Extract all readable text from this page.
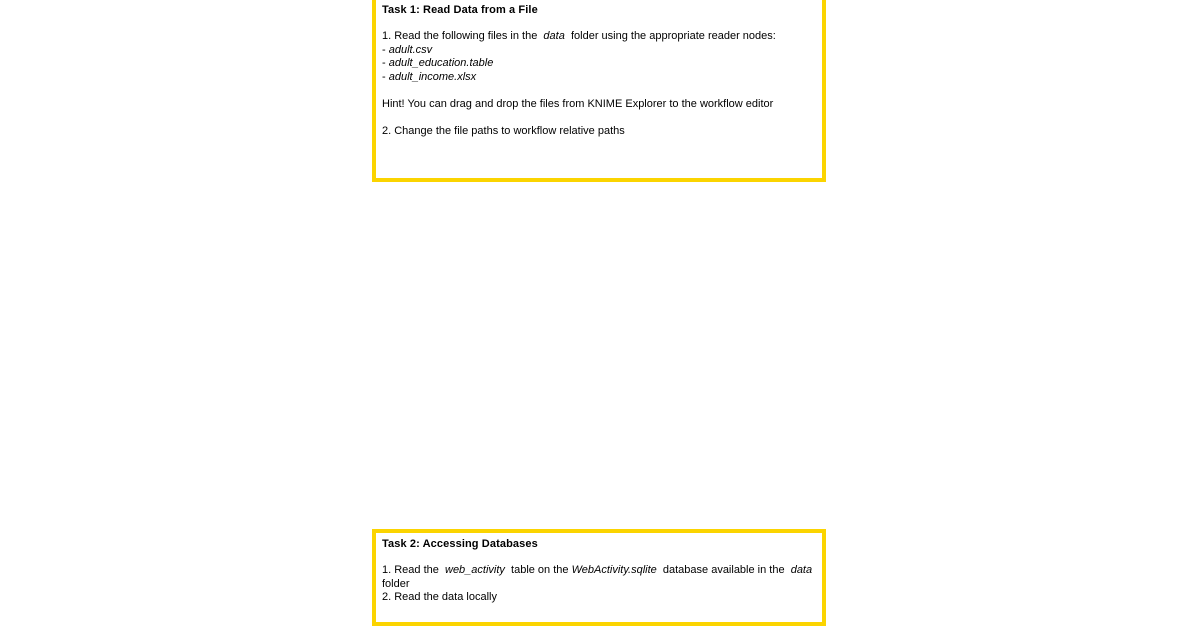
Task 1: Read Data from a File
1. Read the following files in the  data  folder using the appropriate reader nodes:
- adult.csv
- adult_education.table
- adult_income.xlsx

Hint! You can drag and drop the files from KNIME Explorer to the workflow editor

2. Change the file paths to workflow relative paths
Task 2: Accessing Databases
1. Read the  web_activity  table on the WebActivity.sqlite  database available in the  data
folder
2. Read the data locally
